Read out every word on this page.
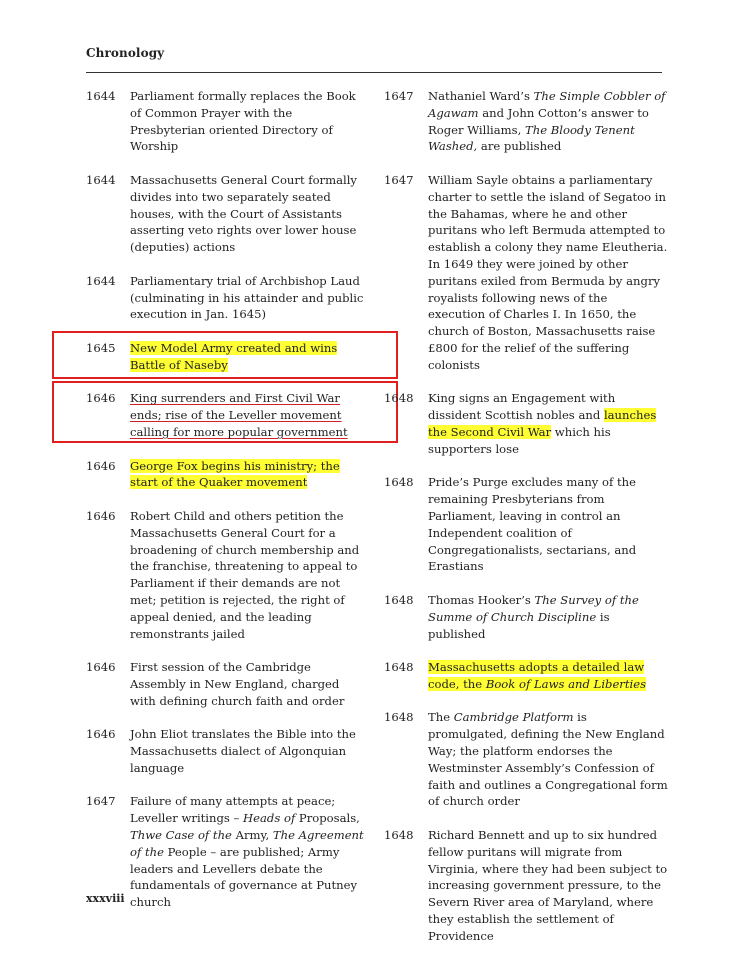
Chronology
1644	Parliament formally replaces the Book of Common Prayer with the Presbyterian oriented Directory of Worship
1644	Massachusetts General Court formally divides into two separately seated houses, with the Court of Assistants asserting veto rights over lower house (deputies) actions
1644	Parliamentary trial of Archbishop Laud (culminating in his attainder and public execution in Jan. 1645)
1645	New Model Army created and wins Battle of Naseby
1646	King surrenders and First Civil War ends; rise of the Leveller movement calling for more popular government
1646	George Fox begins his ministry; the start of the Quaker movement
1646	Robert Child and others petition the Massachusetts General Court for a broadening of church membership and the franchise, threatening to appeal to Parliament if their demands are not met; petition is rejected, the right of appeal denied, and the leading remonstrants jailed
1646	First session of the Cambridge Assembly in New England, charged with defining church faith and order
1646	John Eliot translates the Bible into the Massachusetts dialect of Algonquian language
1647	Failure of many attempts at peace; Leveller writings – Heads of Proposals, Thwe Case of the Army, The Agreement of the People – are published; Army leaders and Levellers debate the fundamentals of governance at Putney church
1647	Nathaniel Ward’s The Simple Cobbler of Agawam and John Cotton’s answer to Roger Williams, The Bloody Tenent Washed, are published
1647	William Sayle obtains a parliamentary charter to settle the island of Segatoo in the Bahamas, where he and other puritans who left Bermuda attempted to establish a colony they name Eleutheria. In 1649 they were joined by other puritans exiled from Bermuda by angry royalists following news of the execution of Charles I. In 1650, the church of Boston, Massachusetts raise £800 for the relief of the suffering colonists
1648	King signs an Engagement with dissident Scottish nobles and launches the Second Civil War which his supporters lose
1648	Pride’s Purge excludes many of the remaining Presbyterians from Parliament, leaving in control an Independent coalition of Congregationalists, sectarians, and Erastians
1648	Thomas Hooker’s The Survey of the Summe of Church Discipline is published
1648	Massachusetts adopts a detailed law code, the Book of Laws and Liberties
1648	The Cambridge Platform is promulgated, defining the New England Way; the platform endorses the Westminster Assembly’s Confession of faith and outlines a Congregational form of church order
1648	Richard Bennett and up to six hundred fellow puritans will migrate from Virginia, where they had been subject to increasing government pressure, to the Severn River area of Maryland, where they establish the settlement of Providence
xxxviii
